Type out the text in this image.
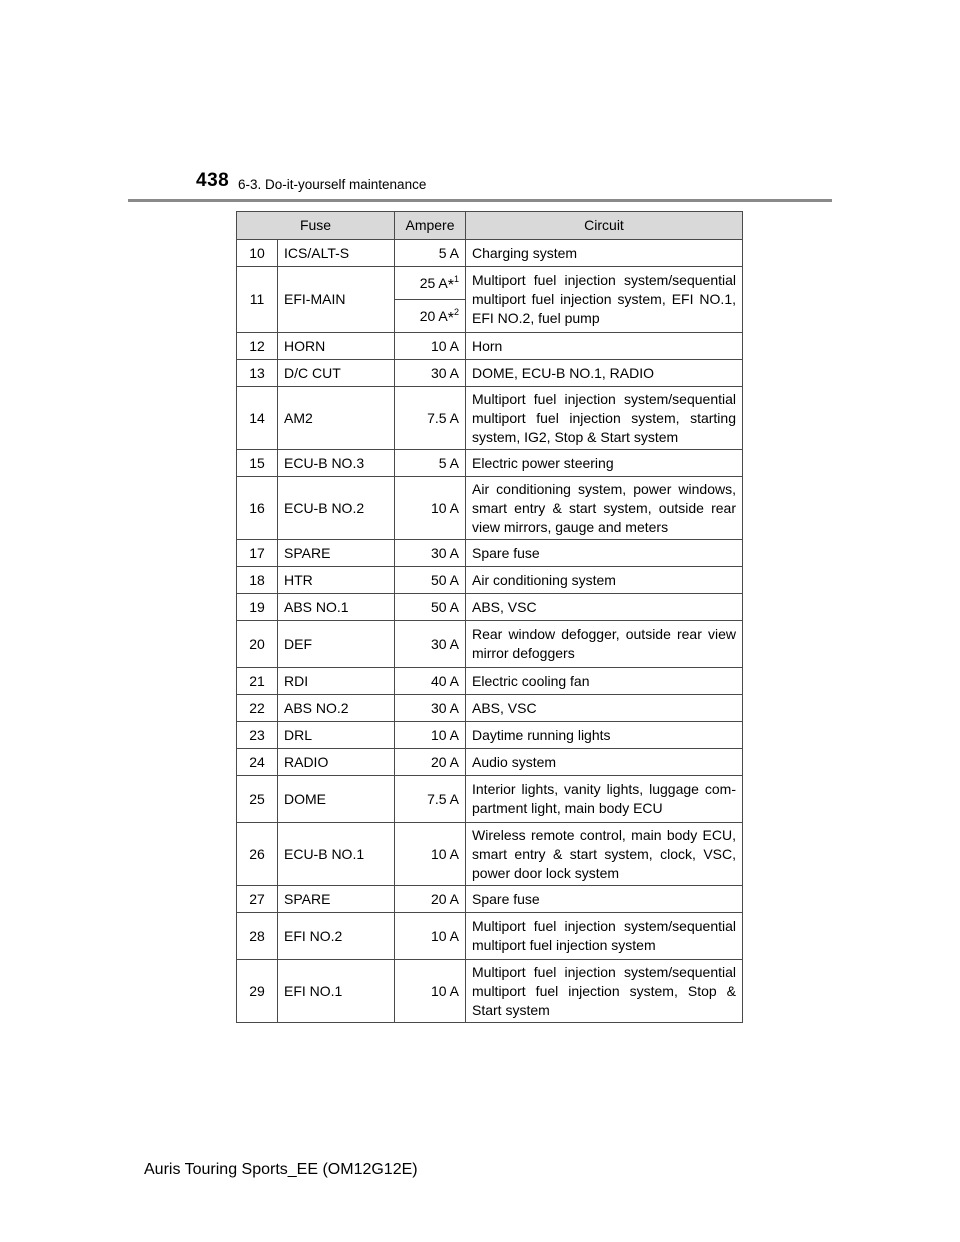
438 6-3. Do-it-yourself maintenance
Fuse		Ampere	Circuit
10	ICS/ALT-S	5 A	Charging system
11	EFI-MAIN	25 A*$^1$	Multiport fuel injection system/sequential multiport fuel injection system, EFI NO.1, EFI NO.2, fuel pump
		20 A*$^2$
12	HORN	10 A	Horn
13	D/C CUT	30 A	DOME, ECU-B NO.1, RADIO
14	AM2	7.5 A	Multiport fuel injection system/sequential multiport fuel injection system, starting system, IG2, Stop & Start system
15	ECU-B NO.3	5 A	Electric power steering
16	ECU-B NO.2	10 A	Air conditioning system, power windows, smart entry & start system, outside rear view mirrors, gauge and meters
17	SPARE	30 A	Spare fuse
18	HTR	50 A	Air conditioning system
19	ABS NO.1	50 A	ABS, VSC
20	DEF	30 A	Rear window defogger, outside rear view mirror defoggers
21	RDI	40 A	Electric cooling fan
22	ABS NO.2	30 A	ABS, VSC
23	DRL	10 A	Daytime running lights
24	RADIO	20 A	Audio system
25	DOME	7.5 A	Interior lights, vanity lights, luggage com-partment light, main body ECU
26	ECU-B NO.1	10 A	Wireless remote control, main body ECU, smart entry & start system, clock, VSC, power door lock system
27	SPARE	20 A	Spare fuse
28	EFI NO.2	10 A	Multiport fuel injection system/sequential multiport fuel injection system
29	EFI NO.1	10 A	Multiport fuel injection system/sequential multiport fuel injection system, Stop & Start system
Auris Touring Sports_EE (OM12G12E)
